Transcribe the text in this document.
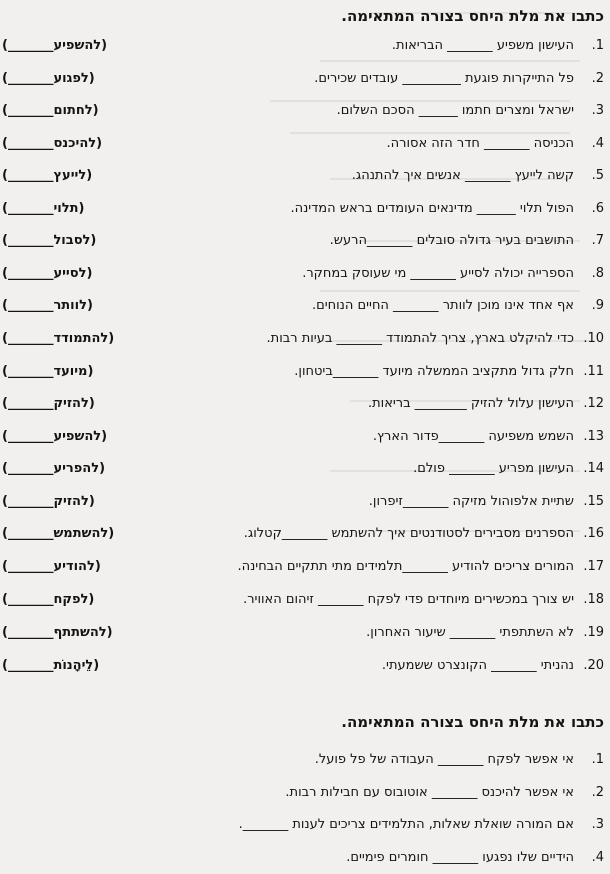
כתבו את מלת היחס בצורה המתאימה.
1.
העישון משפיע _______ הבריאות.
(להשפיע_______)
2.
פל התייקרות פוגעת _________ עובדים שכירים.
(לפגוע_______)
3.
ישראל ומצרים חתמו ______ הסכם השלום.
(לחתום_______)
4.
הכניסה _______ חדר הזה אסורה.
(להיכנס_______)
5.
קשה לייעץ _______ אנשים איך להתנהג.
(לייעץ_______)
6.
הפול תלוי ______ מדינאים העומדים בראש המדינה.
(תלוי_______)
7.
התושבים בעיר גדולה סובלים _______הרעש.
(לסבול_______)
8.
הספרייה יכולה לסייע _______ מי שעוסק במחקר.
(לסייע_______)
9.
אף אחד אינו מוכן לוותר _______ החיים הנוחים.
(לוותר_______)
10.
כדי להיקלט בארץ, צריך להתמודד _______ בעיות רבות.
(להתמודד_______)
11.
חלק גדול מתקציב הממשלה מיועד _______ביטחון.
(מיועד_______)
12.
העישון עלול להזיק ________ בריאות.
(להזיק_______)
13.
השמש משפיעה _______פדור הארץ.
(להשפיע_______)
14.
העישון מפריע _______ פולם.
(להפריע_______)
15.
שתיית אלפוהול מזיקה _______זיפרון.
(להזיק_______)
16.
הספרנים מסבירים לסטודנטים איך להשתמש _______קטלוג.
(להשתמש_______)
17.
המורים צריכים להודיע _______תלמידים מתי תתקיים הבחינה.
(להודיע_______)
18.
יש צורך במכשירים מיוחדים פדי לפקח _______ זיהום האוויר.
(לפקח_______)
19.
לא השתתפתי _______ שיעור האחרון.
(להשתתף_______)
20.
נהניתי _______ הקונצרט ששמעתי.
(לֵיהָנוֹת_______)
כתבו את מלת היחס בצורה המתאימה.
1.
אי אפשר לפקח _______ העבודה של פל פועל.
2.
אי אפשר להיכנס _______ אוטובוס עם חבילות רבות.
3.
אם המורה שואלת שאלות, התלמידים צריכים לענות _______.
4.
הידיים שלו נפגעו _______ חומרים פימיים.
